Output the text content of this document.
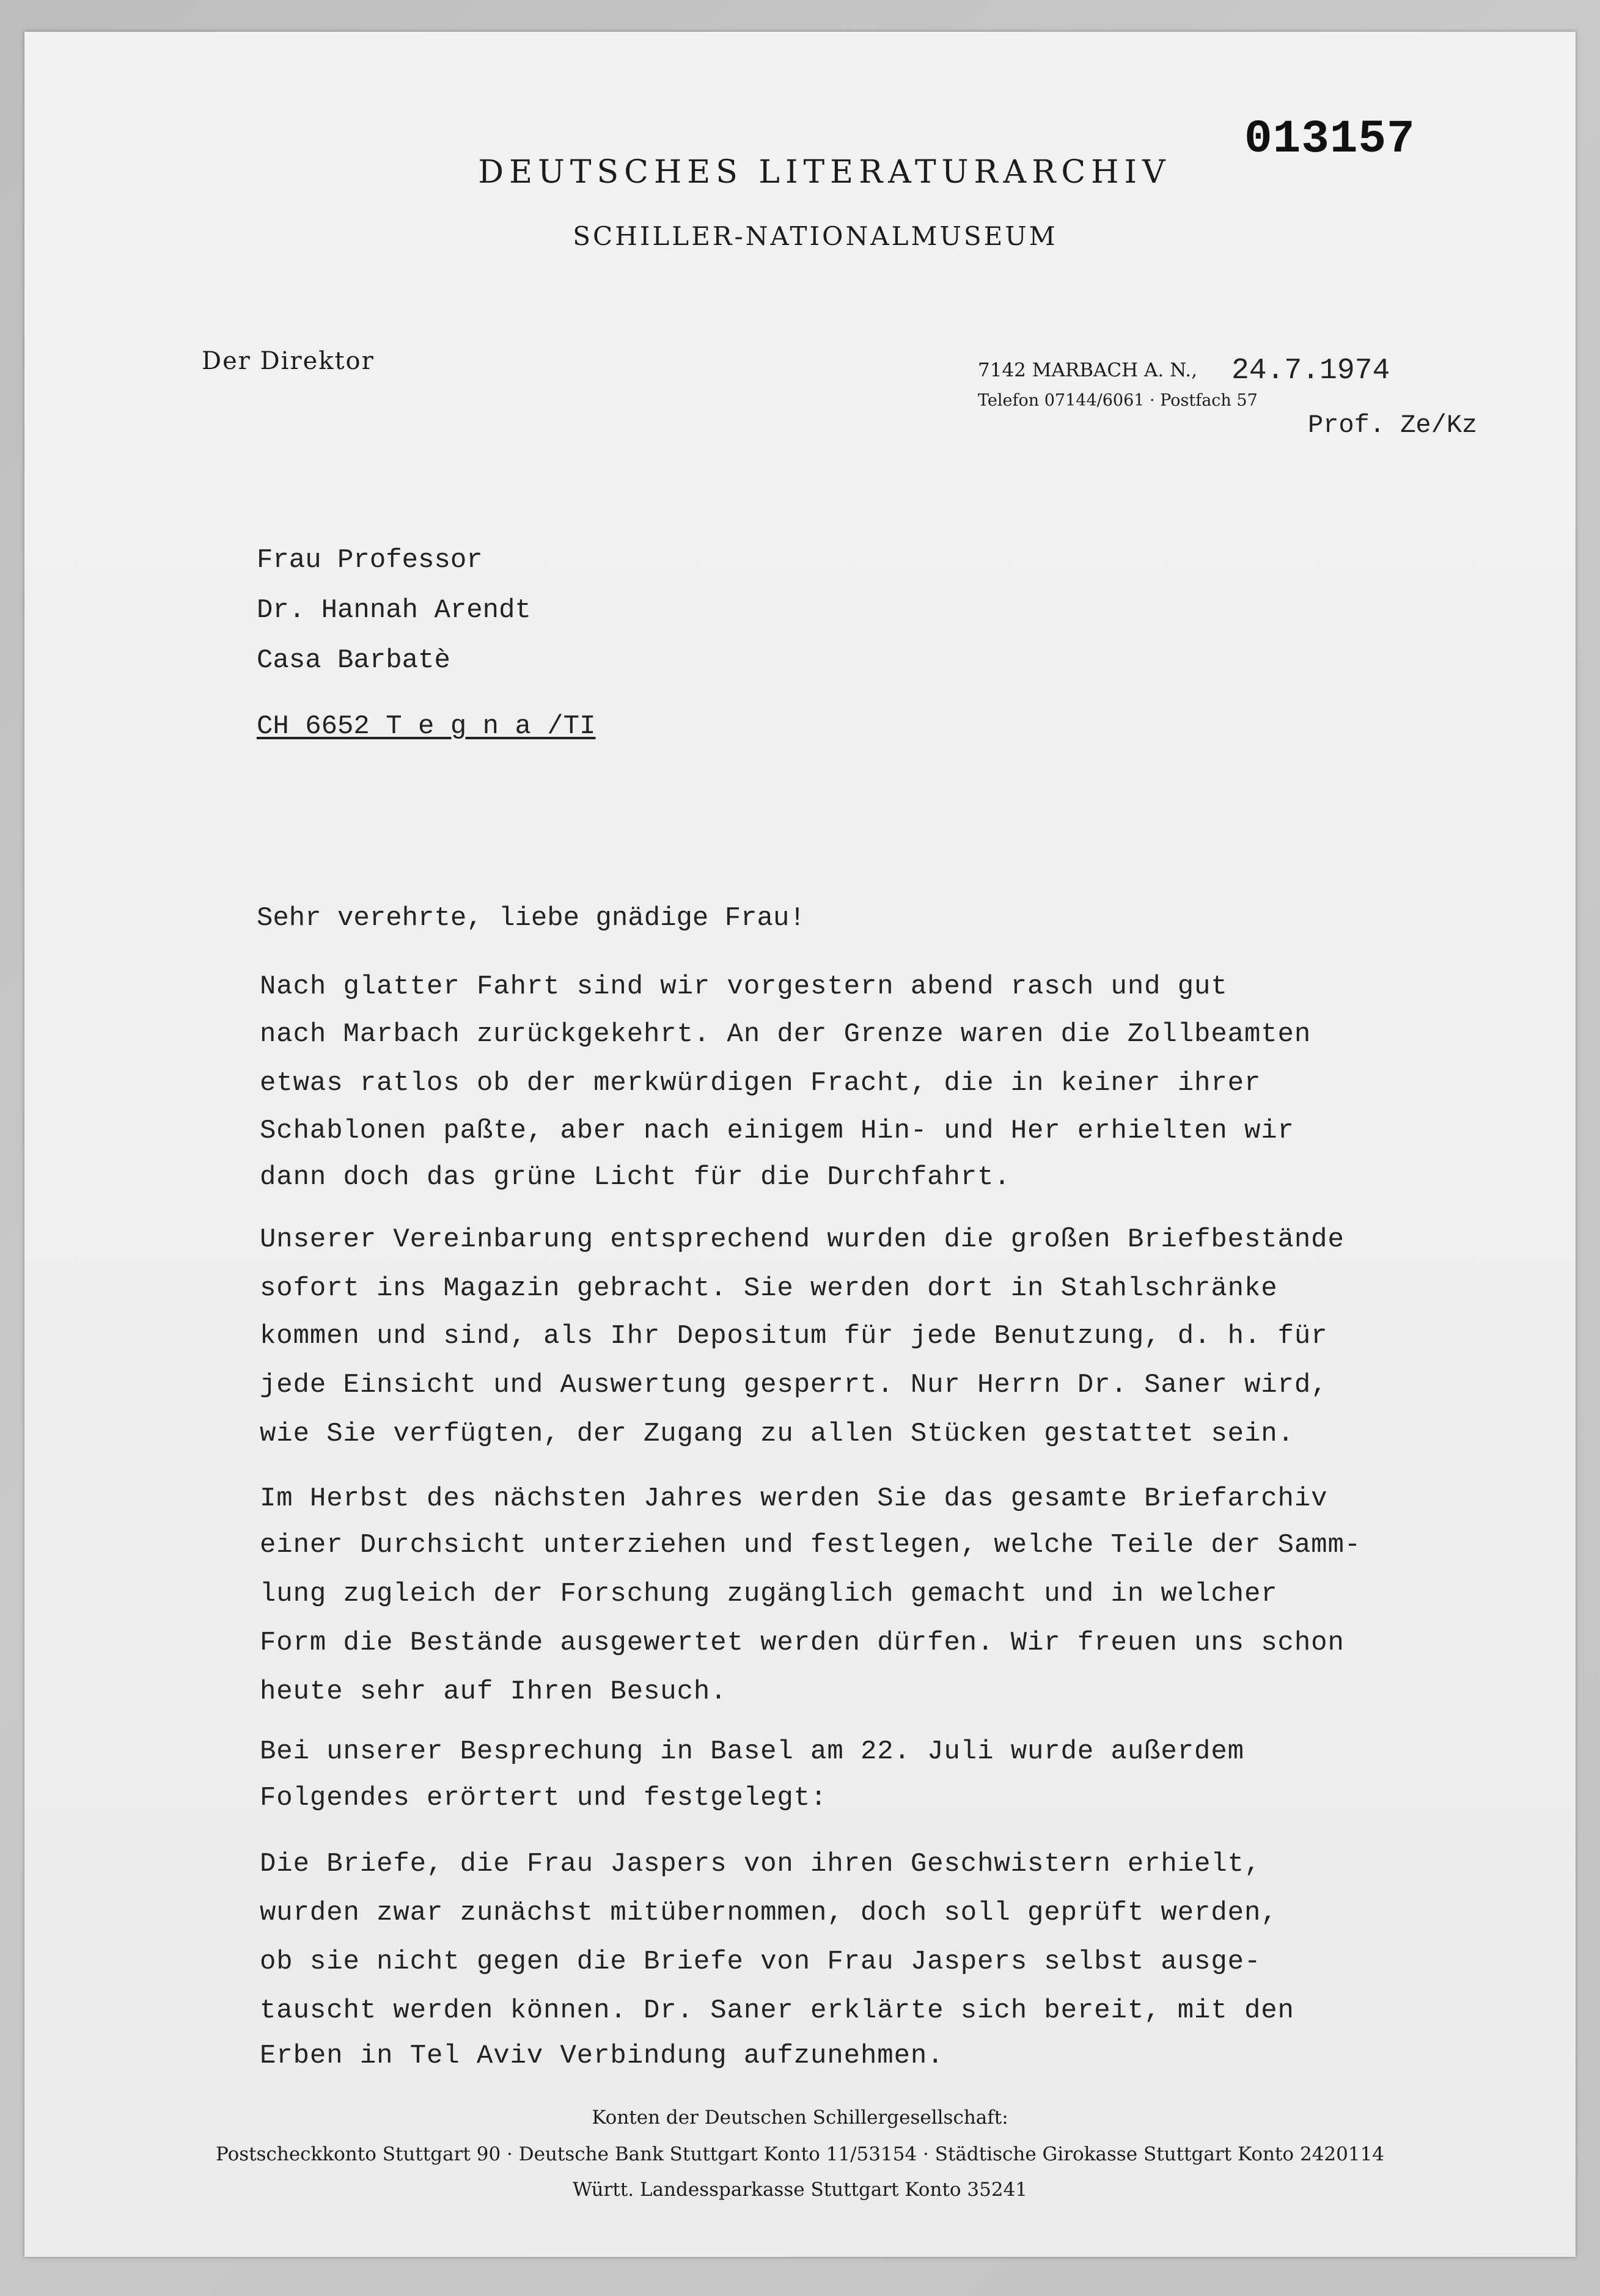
013157
DEUTSCHES LITERATURARCHIV
SCHILLER-NATIONALMUSEUM
Der Direktor	7142 MARBACH A. N., 24.7.1974
Telefon 07144/6061 · Postfach 57
Prof. Ze/Kz
Frau Professor
Dr. Hannah Arendt
Casa Barbatè
CH 6652 T e g n a /TI
Sehr verehrte, liebe gnädige Frau!
Nach glatter Fahrt sind wir vorgestern abend rasch und gut
nach Marbach zurückgekehrt. An der Grenze waren die Zollbeamten
etwas ratlos ob der merkwürdigen Fracht, die in keiner ihrer
Schablonen paßte, aber nach einigem Hin- und Her erhielten wir
dann doch das grüne Licht für die Durchfahrt.
Unserer Vereinbarung entsprechend wurden die großen Briefbestände
sofort ins Magazin gebracht. Sie werden dort in Stahlschränke
kommen und sind, als Ihr Depositum für jede Benutzung, d. h. für
jede Einsicht und Auswertung gesperrt. Nur Herrn Dr. Saner wird,
wie Sie verfügten, der Zugang zu allen Stücken gestattet sein.
Im Herbst des nächsten Jahres werden Sie das gesamte Briefarchiv
einer Durchsicht unterziehen und festlegen, welche Teile der Samm-
lung zugleich der Forschung zugänglich gemacht und in welcher
Form die Bestände ausgewertet werden dürfen. Wir freuen uns schon
heute sehr auf Ihren Besuch.
Bei unserer Besprechung in Basel am 22. Juli wurde außerdem
Folgendes erörtert und festgelegt:
Die Briefe, die Frau Jaspers von ihren Geschwistern erhielt,
wurden zwar zunächst mitübernommen, doch soll geprüft werden,
ob sie nicht gegen die Briefe von Frau Jaspers selbst ausge-
tauscht werden können. Dr. Saner erklärte sich bereit, mit den
Erben in Tel Aviv Verbindung aufzunehmen.
Konten der Deutschen Schillergesellschaft:
Postscheckkonto Stuttgart 90 · Deutsche Bank Stuttgart Konto 11/53154 · Städtische Girokasse Stuttgart Konto 2420114
Württ. Landessparkasse Stuttgart Konto 35241
